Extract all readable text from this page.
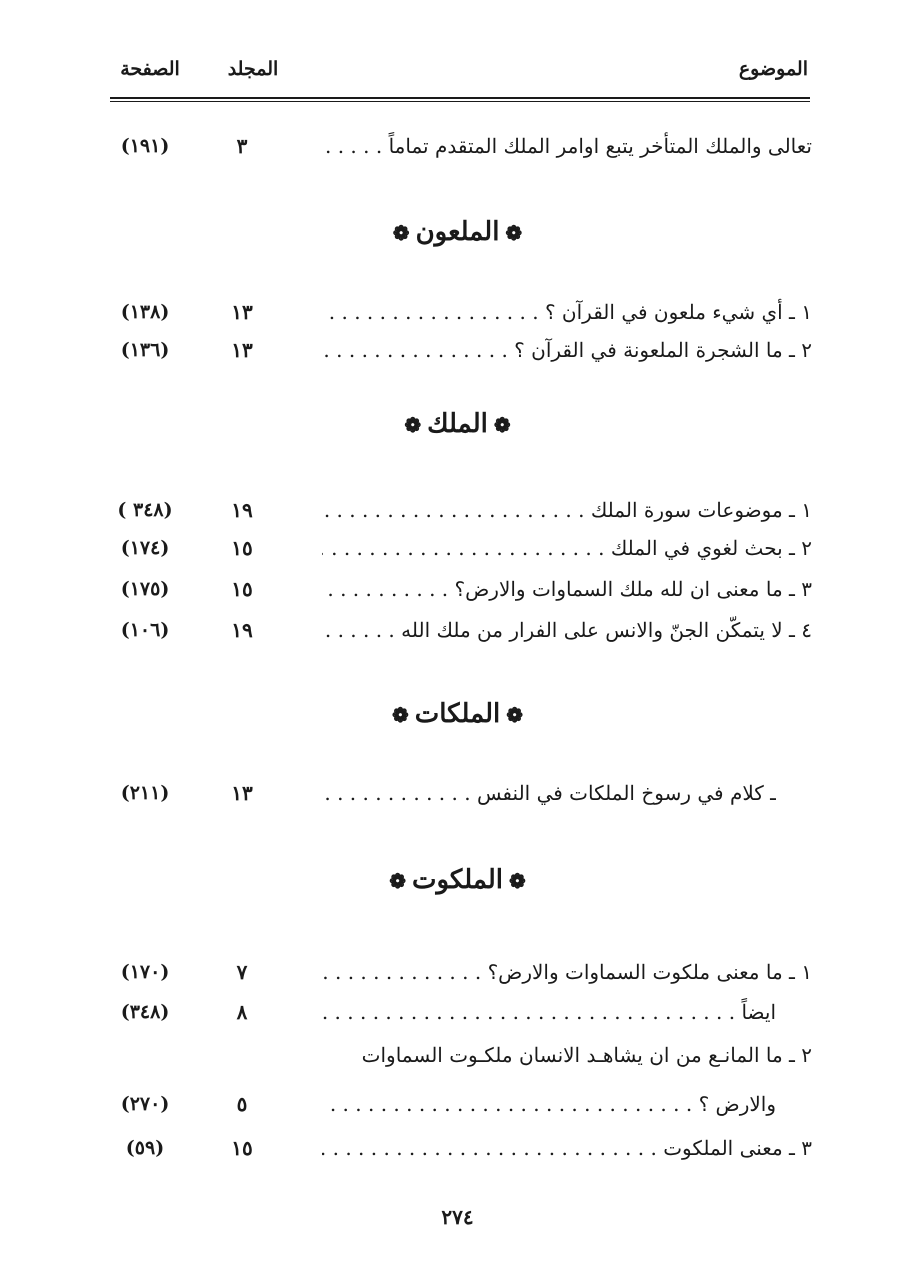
الموضوع
المجلد
الصفحة
تعالى والملك المتأخر يتبع اوامر الملك المتقدم تماماً . . .
٣
(١٩١)
❁الملعون❁
١ ـ أي شيء ملعون في القرآن ؟ . . .
١٣
(١٣٨)
٢ ـ ما الشجرة الملعونة في القرآن ؟ . . .
١٣
(١٣٦)
❁الملك❁
١ ـ موضوعات سورة الملك . . .
١٩
(٣٤٨ )
٢ ـ بحث لغوي في الملك . . .
١٥
(١٧٤)
٣ ـ ما معنى ان لله ملك السماوات والارض؟ . . .
١٥
(١٧٥)
٤ ـ لا يتمكّن الجنّ والانس على الفرار من ملك الله . . .
١٩
(١٠٦)
❁الملكات❁
ـ كلام في رسوخ الملكات في النفس . . .
١٣
(٢١١)
❁الملكوت❁
١ ـ ما معنى ملكوت السماوات والارض؟ . . .
٧
(١٧٠)
ايضاً . . .
٨
(٣٤٨)
٢ ـ ما المانـع من ان يشاهـد الانسان ملكـوت السماوات
والارض ؟ . . .
٥
(٢٧٠)
٣ ـ معنى الملكوت . . .
١٥
(٥٩)
٢٧٤
